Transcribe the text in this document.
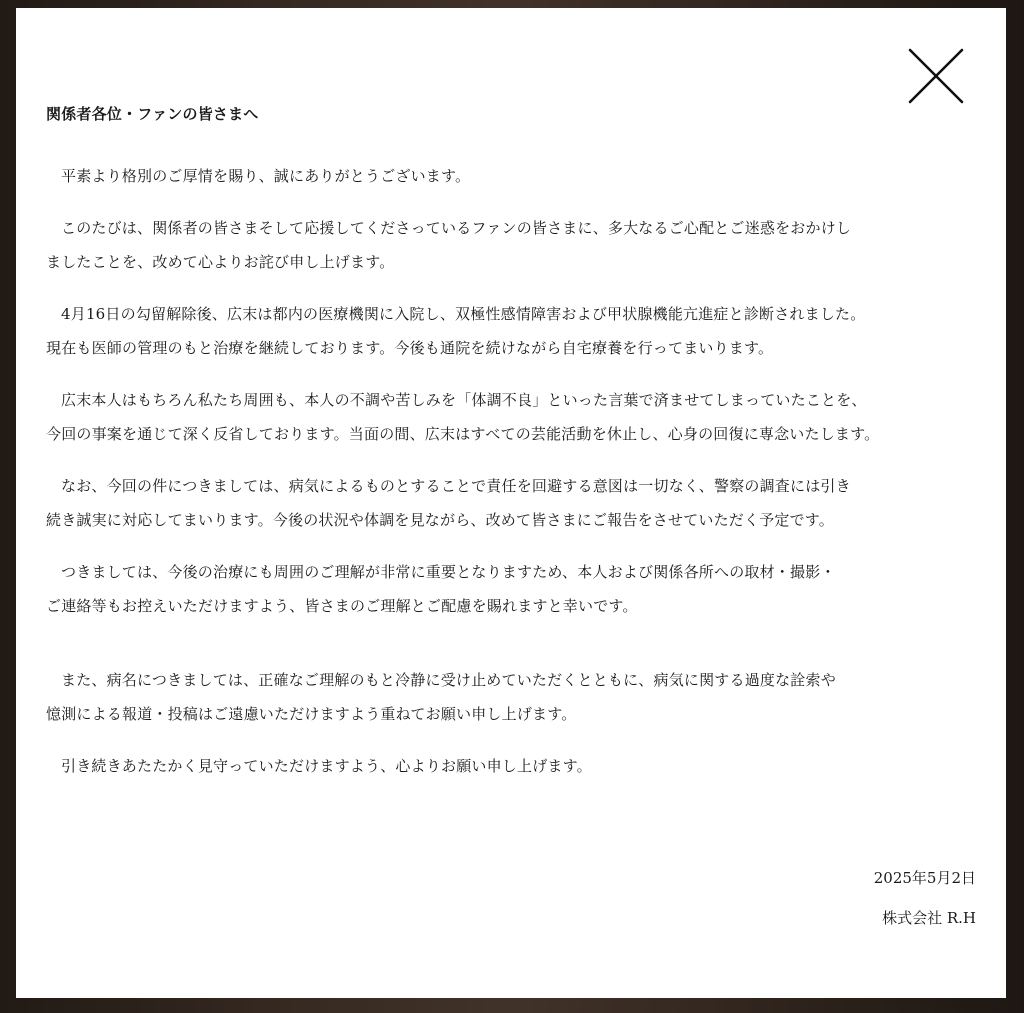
関係者各位・ファンの皆さまへ

平素より格別のご厚情を賜り、誠にありがとうございます。

このたびは、関係者の皆さまそして応援してくださっているファンの皆さまに、多大なるご心配とご迷惑をおかけし
ましたことを、改めて心よりお詫び申し上げます。

4月16日の勾留解除後、広末は都内の医療機関に入院し、双極性感情障害および甲状腺機能亢進症と診断されました。
現在も医師の管理のもと治療を継続しております。今後も通院を続けながら自宅療養を行ってまいります。

広末本人はもちろん私たち周囲も、本人の不調や苦しみを「体調不良」といった言葉で済ませてしまっていたことを、
今回の事案を通じて深く反省しております。当面の間、広末はすべての芸能活動を休止し、心身の回復に専念いたします。

なお、今回の件につきましては、病気によるものとすることで責任を回避する意図は一切なく、警察の調査には引き
続き誠実に対応してまいります。今後の状況や体調を見ながら、改めて皆さまにご報告をさせていただく予定です。

つきましては、今後の治療にも周囲のご理解が非常に重要となりますため、本人および関係各所への取材・撮影・
ご連絡等もお控えいただけますよう、皆さまのご理解とご配慮を賜れますと幸いです。

また、病名につきましては、正確なご理解のもと冷静に受け止めていただくとともに、病気に関する過度な詮索や
憶測による報道・投稿はご遠慮いただけますよう重ねてお願い申し上げます。

引き続きあたたかく見守っていただけますよう、心よりお願い申し上げます。

2025年5月2日
株式会社 R.H
